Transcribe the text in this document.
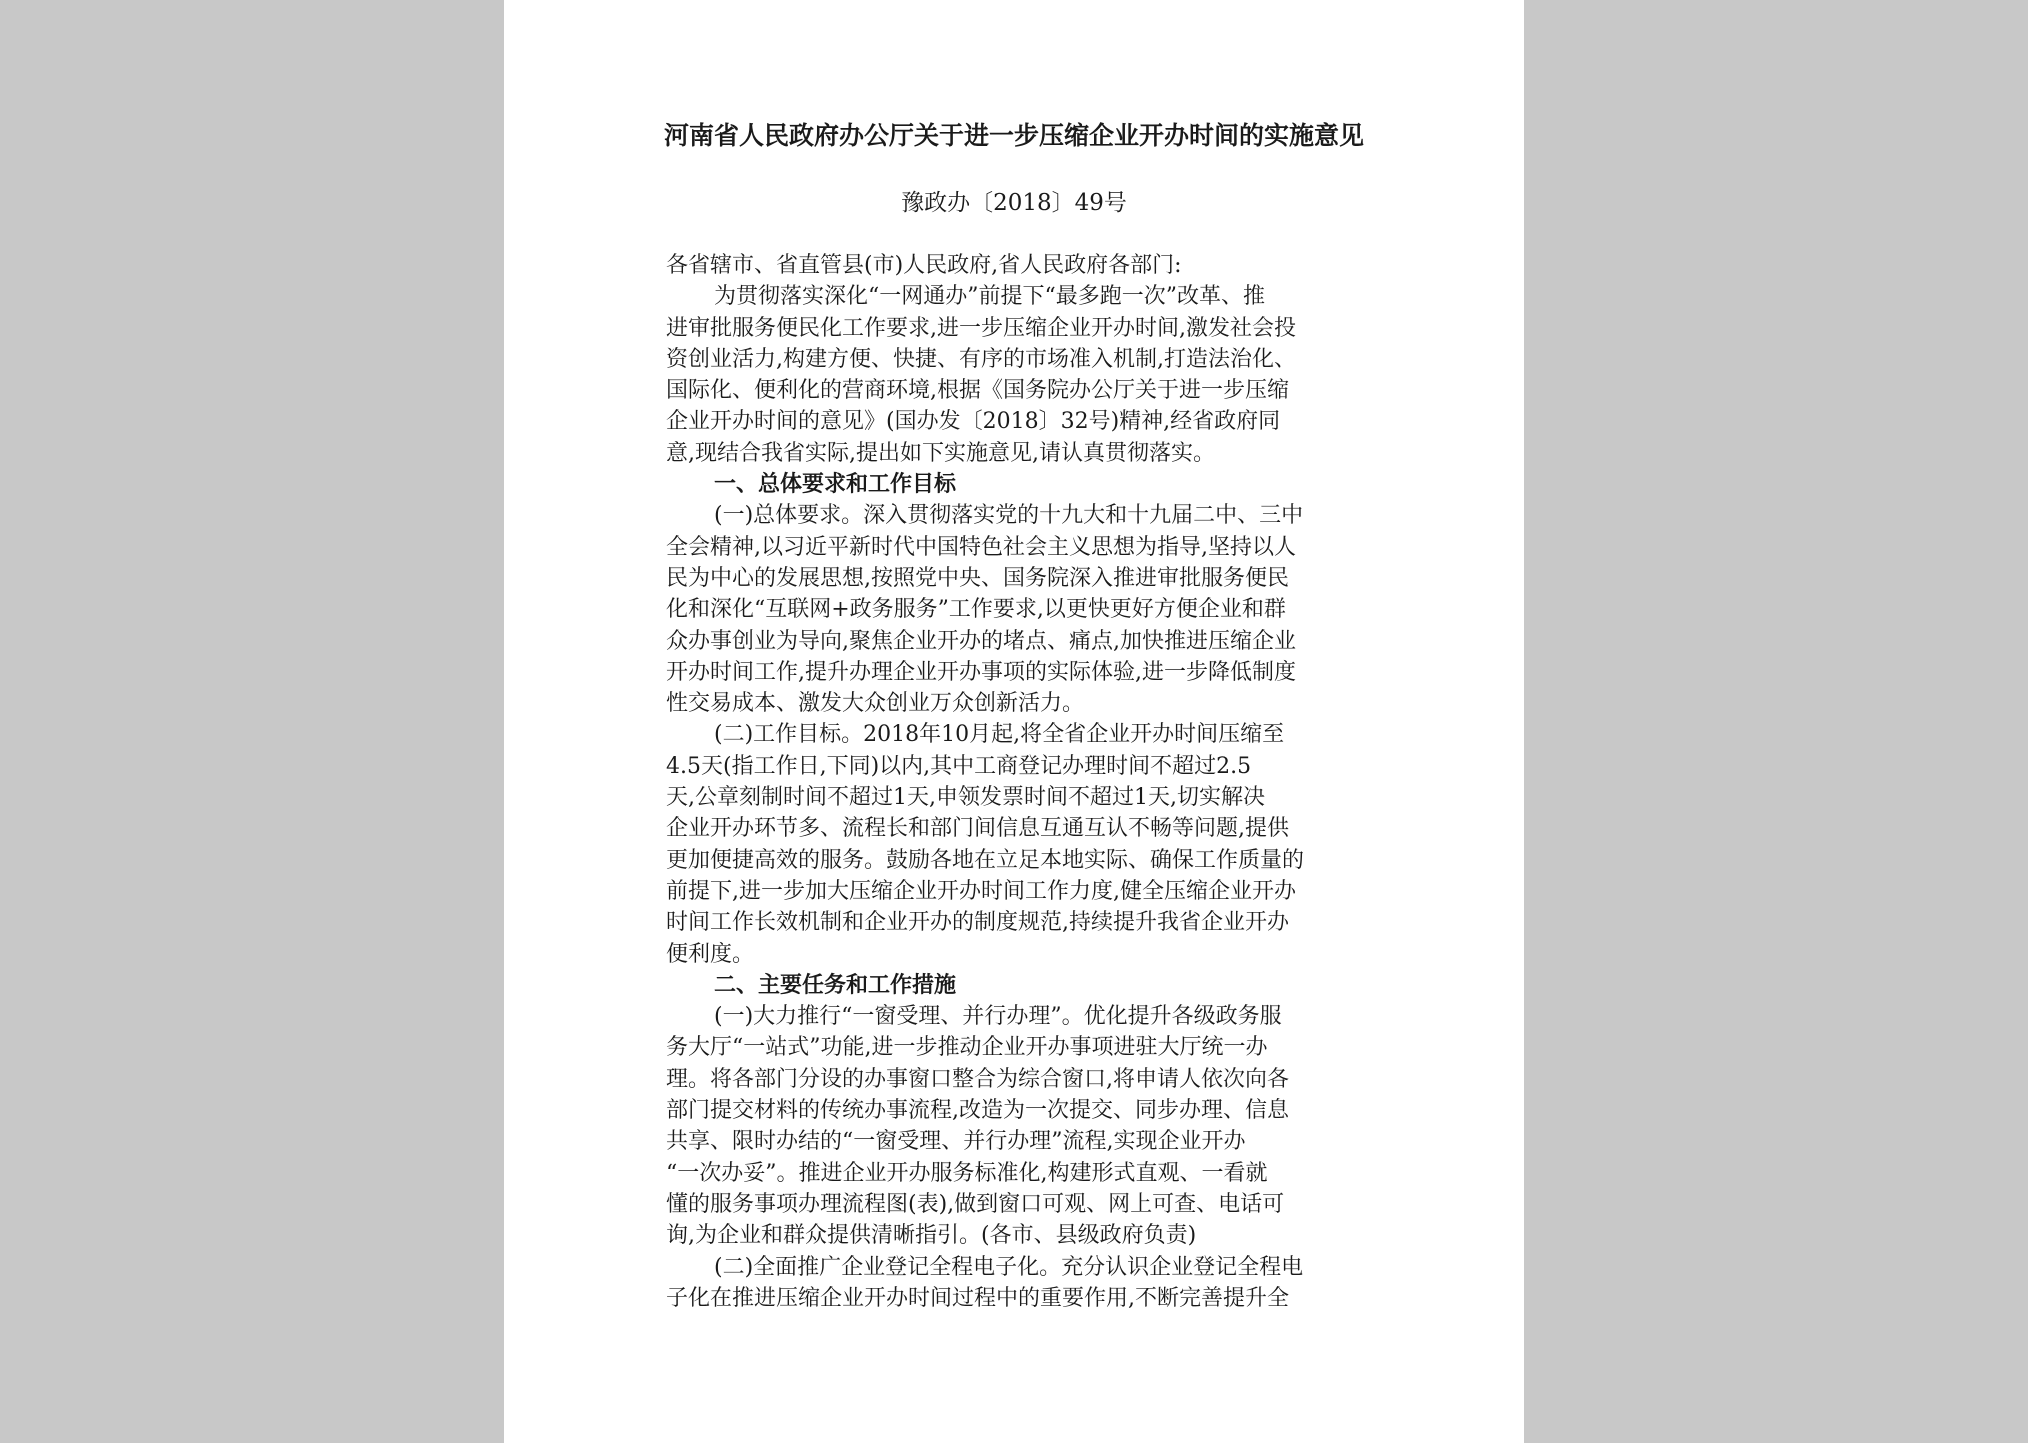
河南省人民政府办公厅关于进一步压缩企业开办时间的实施意见
豫政办〔2018〕49号

各省辖市、省直管县(市)人民政府,省人民政府各部门:

为贯彻落实深化“一网通办”前提下“最多跑一次”改革、推

进审批服务便民化工作要求,进一步压缩企业开办时间,激发社会投

资创业活力,构建方便、快捷、有序的市场准入机制,打造法治化、

国际化、便利化的营商环境,根据《国务院办公厅关于进一步压缩

企业开办时间的意见》(国办发〔2018〕32号)精神,经省政府同

意,现结合我省实际,提出如下实施意见,请认真贯彻落实。

一、总体要求和工作目标

(一)总体要求。深入贯彻落实党的十九大和十九届二中、三中

全会精神,以习近平新时代中国特色社会主义思想为指导,坚持以人

民为中心的发展思想,按照党中央、国务院深入推进审批服务便民

化和深化“互联网+政务服务”工作要求,以更快更好方便企业和群

众办事创业为导向,聚焦企业开办的堵点、痛点,加快推进压缩企业

开办时间工作,提升办理企业开办事项的实际体验,进一步降低制度

性交易成本、激发大众创业万众创新活力。

(二)工作目标。2018年10月起,将全省企业开办时间压缩至

4.5天(指工作日,下同)以内,其中工商登记办理时间不超过2.5

天,公章刻制时间不超过1天,申领发票时间不超过1天,切实解决

企业开办环节多、流程长和部门间信息互通互认不畅等问题,提供

更加便捷高效的服务。鼓励各地在立足本地实际、确保工作质量的

前提下,进一步加大压缩企业开办时间工作力度,健全压缩企业开办

时间工作长效机制和企业开办的制度规范,持续提升我省企业开办

便利度。

二、主要任务和工作措施

(一)大力推行“一窗受理、并行办理”。优化提升各级政务服

务大厅“一站式”功能,进一步推动企业开办事项进驻大厅统一办

理。将各部门分设的办事窗口整合为综合窗口,将申请人依次向各

部门提交材料的传统办事流程,改造为一次提交、同步办理、信息

共享、限时办结的“一窗受理、并行办理”流程,实现企业开办

“一次办妥”。推进企业开办服务标准化,构建形式直观、一看就

懂的服务事项办理流程图(表),做到窗口可观、网上可查、电话可

询,为企业和群众提供清晰指引。(各市、县级政府负责)

(二)全面推广企业登记全程电子化。充分认识企业登记全程电

子化在推进压缩企业开办时间过程中的重要作用,不断完善提升全
